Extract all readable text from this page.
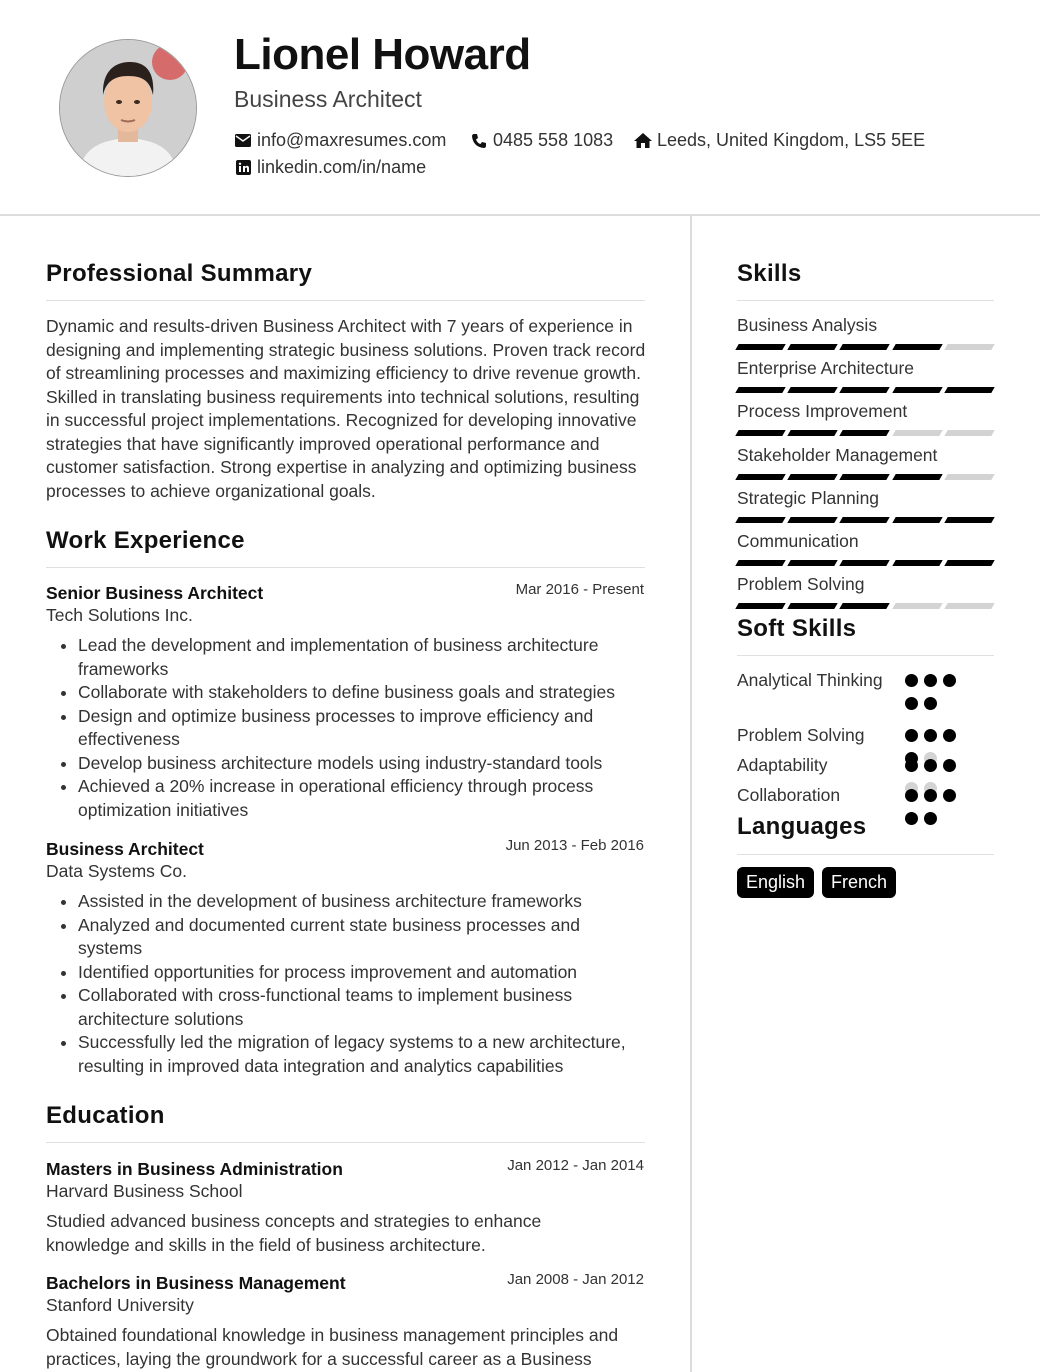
Lionel Howard
Business Architect
info@maxresumes.com	0485 558 1083 Leeds, United Kingdom, LS5 5EE
linkedin.com/in/name
Professional Summary
Dynamic and results-driven Business Architect with 7 years of experience in designing and implementing strategic business solutions. Proven track record of streamlining processes and maximizing efficiency to drive revenue growth. Skilled in translating business requirements into technical solutions, resulting in successful project implementations. Recognized for developing innovative strategies that have significantly improved operational performance and customer satisfaction. Strong expertise in analyzing and optimizing business processes to achieve organizational goals.
Work Experience
Senior Business Architect	Mar 2016 - Present
Tech Solutions Inc.
• Lead the development and implementation of business architecture frameworks
• Collaborate with stakeholders to define business goals and strategies
• Design and optimize business processes to improve efficiency and effectiveness
• Develop business architecture models using industry-standard tools
• Achieved a 20% increase in operational efficiency through process optimization initiatives
Business Architect	Jun 2013 - Feb 2016
Data Systems Co.
• Assisted in the development of business architecture frameworks
• Analyzed and documented current state business processes and systems
• Identified opportunities for process improvement and automation
• Collaborated with cross-functional teams to implement business architecture solutions
• Successfully led the migration of legacy systems to a new architecture, resulting in improved data integration and analytics capabilities
Education
Masters in Business Administration	Jan 2012 - Jan 2014
Harvard Business School
Studied advanced business concepts and strategies to enhance knowledge and skills in the field of business architecture.
Bachelors in Business Management	Jan 2008 - Jan 2012
Stanford University
Obtained foundational knowledge in business management principles and practices, laying the groundwork for a successful career as a Business
Skills
Business Analysis
Enterprise Architecture
Process Improvement
Stakeholder Management
Strategic Planning
Communication
Problem Solving
Soft Skills
Analytical Thinking
Problem Solving
Adaptability
Collaboration
Languages
English	French
